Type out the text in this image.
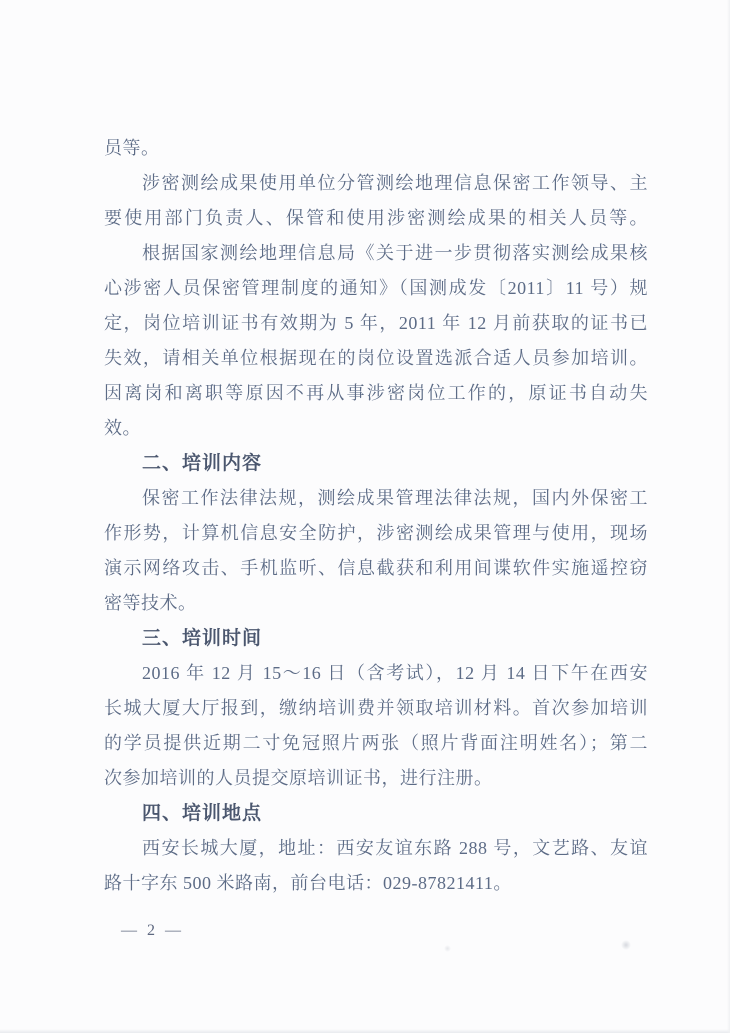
员等。
涉密测绘成果使用单位分管测绘地理信息保密工作领导、主
要使用部门负责人、保管和使用涉密测绘成果的相关人员等。
根据国家测绘地理信息局《关于进一步贯彻落实测绘成果核
心涉密人员保密管理制度的通知》（国测成发〔2011〕11 号）规
定，岗位培训证书有效期为 5 年，2011 年 12 月前获取的证书已
失效，请相关单位根据现在的岗位设置选派合适人员参加培训。
因离岗和离职等原因不再从事涉密岗位工作的，原证书自动失
效。
二、培训内容
保密工作法律法规，测绘成果管理法律法规，国内外保密工
作形势，计算机信息安全防护，涉密测绘成果管理与使用，现场
演示网络攻击、手机监听、信息截获和利用间谍软件实施遥控窃
密等技术。
三、培训时间
2016 年 12 月 15～16 日（含考试），12 月 14 日下午在西安
长城大厦大厅报到，缴纳培训费并领取培训材料。首次参加培训
的学员提供近期二寸免冠照片两张（照片背面注明姓名）；第二
次参加培训的人员提交原培训证书，进行注册。
四、培训地点
西安长城大厦，地址：西安友谊东路 288 号，文艺路、友谊
路十字东 500 米路南，前台电话：029-87821411。
— 2 —
